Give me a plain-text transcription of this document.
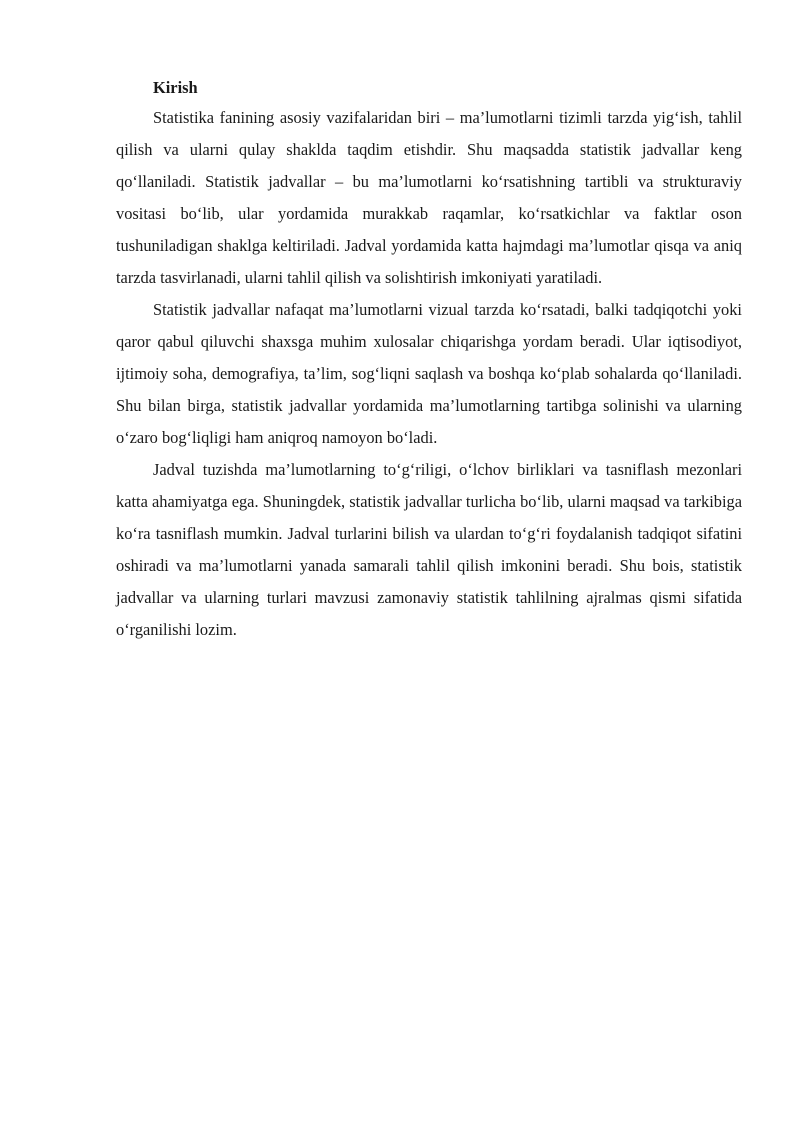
Kirish

Statistika fanining asosiy vazifalaridan biri – ma’lumotlarni tizimli tarzda yig‘ish, tahlil qilish va ularni qulay shaklda taqdim etishdir. Shu maqsadda statistik jadvallar keng qo‘llaniladi. Statistik jadvallar – bu ma’lumotlarni ko‘rsatishning tartibli va strukturaviy vositasi bo‘lib, ular yordamida murakkab raqamlar, ko‘rsatkichlar va faktlar oson tushuniladigan shaklga keltiriladi. Jadval yordamida katta hajmdagi ma’lumotlar qisqa va aniq tarzda tasvirlanadi, ularni tahlil qilish va solishtirish imkoniyati yaratiladi.

Statistik jadvallar nafaqat ma’lumotlarni vizual tarzda ko‘rsatadi, balki tadqiqotchi yoki qaror qabul qiluvchi shaxsga muhim xulosalar chiqarishga yordam beradi. Ular iqtisodiyot, ijtimoiy soha, demografiya, ta’lim, sog‘liqni saqlash va boshqa ko‘plab sohalarda qo‘llaniladi. Shu bilan birga, statistik jadvallar yordamida ma’lumotlarning tartibga solinishi va ularning o‘zaro bog‘liqligi ham aniqroq namoyon bo‘ladi.

Jadval tuzishda ma’lumotlarning to‘g‘riligi, o‘lchov birliklari va tasniflash mezonlari katta ahamiyatga ega. Shuningdek, statistik jadvallar turlicha bo‘lib, ularni maqsad va tarkibiga ko‘ra tasniflash mumkin. Jadval turlarini bilish va ulardan to‘g‘ri foydalanish tadqiqot sifatini oshiradi va ma’lumotlarni yanada samarali tahlil qilish imkonini beradi. Shu bois, statistik jadvallar va ularning turlari mavzusi zamonaviy statistik tahlilning ajralmas qismi sifatida o‘rganilishi lozim.
